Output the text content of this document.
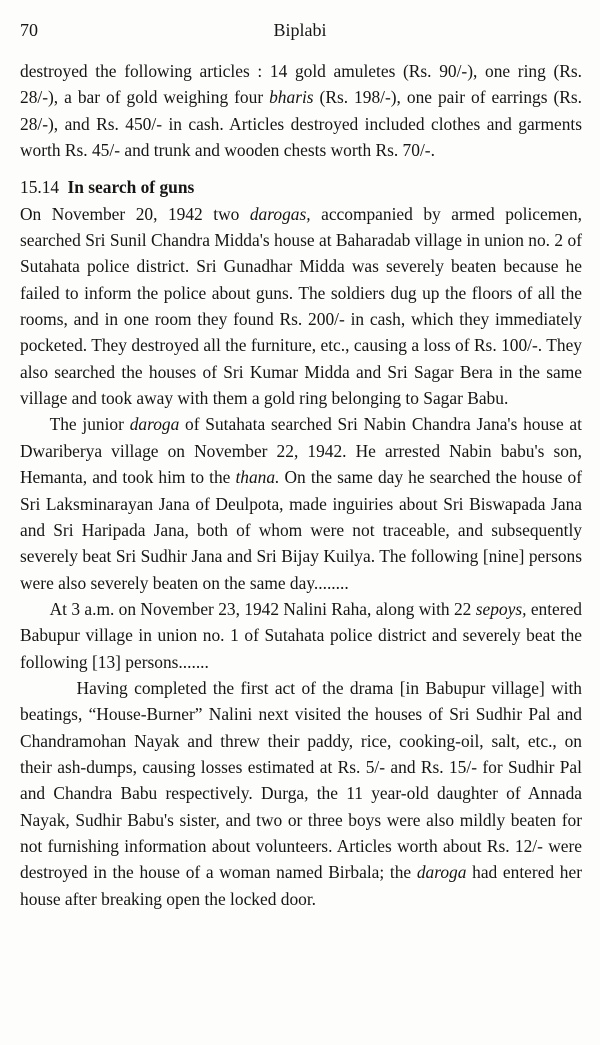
70	Biplabi

destroyed the following articles : 14 gold amuletes (Rs. 90/-), one ring (Rs. 28/-), a bar of gold weighing four bharis (Rs. 198/-), one pair of earrings (Rs. 28/-), and Rs. 450/- in cash. Articles destroyed included clothes and garments worth Rs. 45/- and trunk and wooden chests worth Rs. 70/-.

15.14 In search of guns

On November 20, 1942 two darogas, accompanied by armed policemen, searched Sri Sunil Chandra Midda's house at Baharadab village in union no. 2 of Sutahata police district. Sri Gunadhar Midda was severely beaten because he failed to inform the police about guns. The soldiers dug up the floors of all the rooms, and in one room they found Rs. 200/- in cash, which they immediately pocketed. They destroyed all the furniture, etc., causing a loss of Rs. 100/-. They also searched the houses of Sri Kumar Midda and Sri Sagar Bera in the same village and took away with them a gold ring belonging to Sagar Babu.

The junior daroga of Sutahata searched Sri Nabin Chandra Jana's house at Dwariberya village on November 22, 1942. He arrested Nabin babu's son, Hemanta, and took him to the thana. On the same day he searched the house of Sri Laksminarayan Jana of Deulpota, made inguiries about Sri Biswapada Jana and Sri Haripada Jana, both of whom were not traceable, and subsequently severely beat Sri Sudhir Jana and Sri Bijay Kuilya. The following [nine] persons were also severely beaten on the same day........

At 3 a.m. on November 23, 1942 Nalini Raha, along with 22 sepoys, entered Babupur village in union no. 1 of Sutahata police district and severely beat the following [13] persons.......

Having completed the first act of the drama [in Babupur village] with beatings, “House-Burner” Nalini next visited the houses of Sri Sudhir Pal and Chandramohan Nayak and threw their paddy, rice, cooking-oil, salt, etc., on their ash-dumps, causing losses estimated at Rs. 5/- and Rs. 15/- for Sudhir Pal and Chandra Babu respectively. Durga, the 11 year-old daughter of Annada Nayak, Sudhir Babu's sister, and two or three boys were also mildly beaten for not furnishing information about volunteers. Articles worth about Rs. 12/- were destroyed in the house of a woman named Birbala; the daroga had entered her house after breaking open the locked door.
